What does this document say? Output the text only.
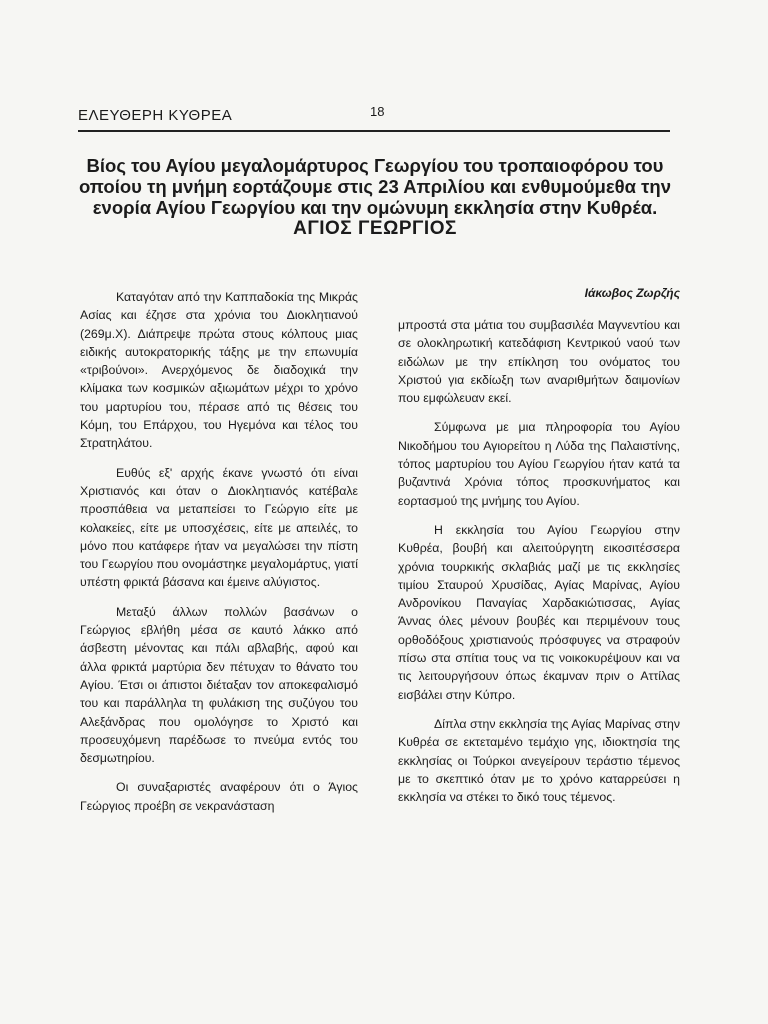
ΕΛΕΥΘΕΡΗ ΚΥΘΡΕΑ	18
Βίος του Αγίου μεγαλομάρτυρος Γεωργίου του τροπαιοφόρου του οποίου τη μνήμη εορτάζουμε στις 23 Απριλίου και ενθυμούμεθα την ενορία Αγίου Γεωργίου και την ομώνυμη εκκλησία στην Κυθρέα.
ΑΓΙΟΣ ΓΕΩΡΓΙΟΣ
Ιάκωβος Ζωρζής

Καταγόταν από την Καππαδοκία της Μικράς Ασίας και έζησε στα χρόνια του Διοκλητιανού (269μ.Χ). Διάπρεψε πρώτα στους κόλπους μιας ειδικής αυτοκρατορικής τάξης με την επωνυμία «τριβούνοι». Ανερχόμενος δε διαδοχικά την κλίμακα των κοσμικών αξιωμάτων μέχρι το χρόνο του μαρτυρίου του, πέρασε από τις θέσεις του Κόμη, του Επάρχου, του Ηγεμόνα και τέλος του Στρατηλάτου.

Ευθύς εξ' αρχής έκανε γνωστό ότι είναι Χριστιανός και όταν ο Διοκλητιανός κατέβαλε προσπάθεια να μεταπείσει το Γεώργιο είτε με κολακείες, είτε με υποσχέσεις, είτε με απειλές, το μόνο που κατάφερε ήταν να μεγαλώσει την πίστη του Γεωργίου που ονομάστηκε μεγαλομάρτυς, γιατί υπέστη φρικτά βάσανα και έμεινε αλύγιστος.

Μεταξύ άλλων πολλών βασάνων ο Γεώργιος εβλήθη μέσα σε καυτό λάκκο από άσβεστη μένοντας και πάλι αβλαβής, αφού και άλλα φρικτά μαρτύρια δεν πέτυχαν το θάνατο του Αγίου. Έτσι οι άπιστοι διέταξαν τον αποκεφαλισμό του και παράλληλα τη φυλάκιση της συζύγου του Αλεξάνδρας που ομολόγησε το Χριστό και προσευχόμενη παρέδωσε το πνεύμα εντός του δεσμωτηρίου.

Οι συναξαριστές αναφέρουν ότι ο Άγιος Γεώργιος προέβη σε νεκρανάσταση

μπροστά στα μάτια του συμβασιλέα Μαγνεντίου και σε ολοκληρωτική κατεδάφιση Κεντρικού ναού των ειδώλων με την επίκληση του ονόματος του Χριστού για εκδίωξη των αναριθμήτων δαιμονίων που εμφώλευαν εκεί.

Σύμφωνα με μια πληροφορία του Αγίου Νικοδήμου του Αγιορείτου η Λύδα της Παλαιστίνης, τόπος μαρτυρίου του Αγίου Γεωργίου ήταν κατά τα βυζαντινά Χρόνια τόπος προσκυνήματος και εορτασμού της μνήμης του Αγίου.

Η εκκλησία του Αγίου Γεωργίου στην Κυθρέα, βουβή και αλειτούργητη εικοσιτέσσερα χρόνια τουρκικής σκλαβιάς μαζί με τις εκκλησίες τιμίου Σταυρού Χρυσίδας, Αγίας Μαρίνας, Αγίου Ανδρονίκου Παναγίας Χαρδακιώτισσας, Αγίας Άννας όλες μένουν βουβές και περιμένουν τους ορθοδόξους χριστιανούς πρόσφυγες να στραφούν πίσω στα σπίτια τους να τις νοικοκυρέψουν και να τις λειτουργήσουν όπως έκαμναν πριν ο Αττίλας εισβάλει στην Κύπρο.

Δίπλα στην εκκλησία της Αγίας Μαρίνας στην Κυθρέα σε εκτεταμένο τεμάχιο γης, ιδιοκτησία της εκκλησίας οι Τούρκοι ανεγείρουν τεράστιο τέμενος με το σκεπτικό όταν με το χρόνο καταρρεύσει η εκκλησία να στέκει το δικό τους τέμενος.
